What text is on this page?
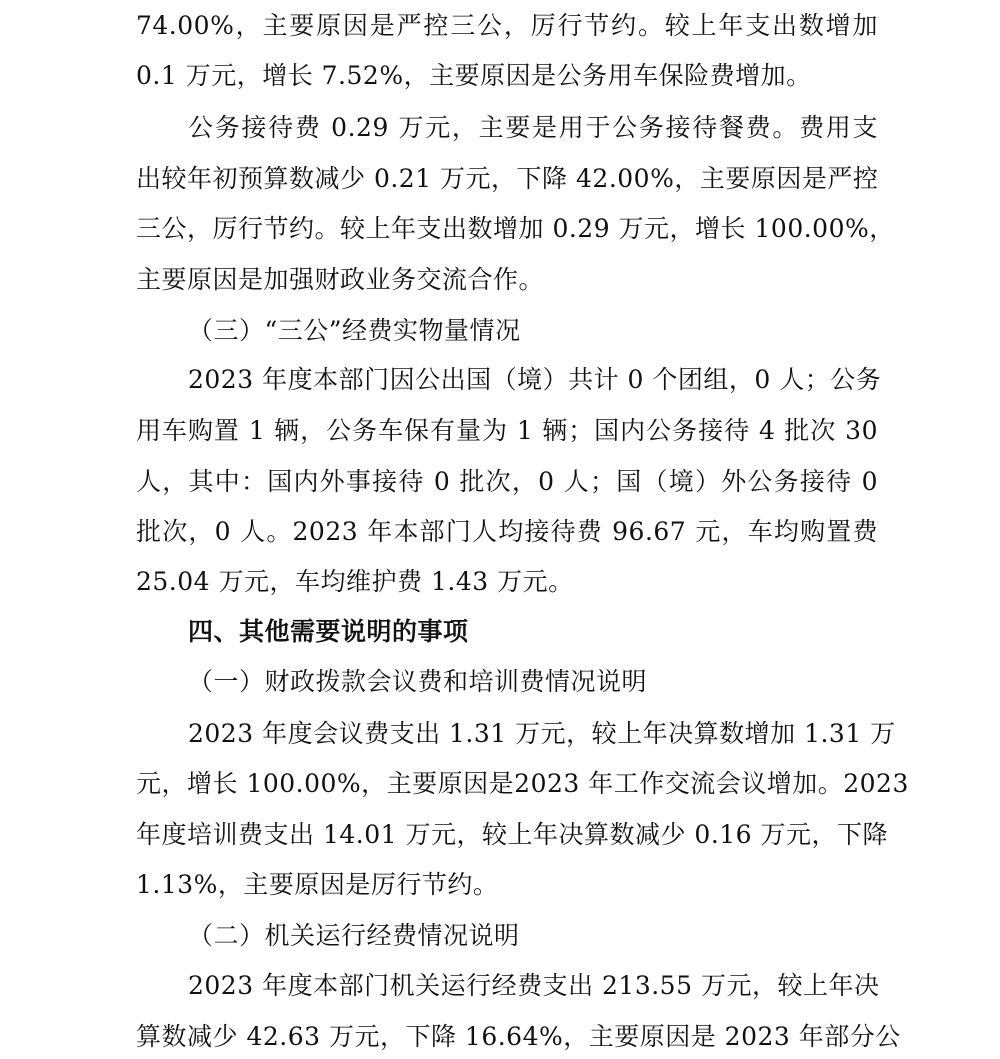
74.00%，主要原因是严控三公，厉行节约。较上年支出数增加
0.1 万元，增长 7.52%，主要原因是公务用车保险费增加。
公务接待费 0.29 万元，主要是用于公务接待餐费。费用支
出较年初预算数减少 0.21 万元，下降 42.00%，主要原因是严控
三公，厉行节约。较上年支出数增加 0.29 万元，增长 100.00%，
主要原因是加强财政业务交流合作。
（三）“三公”经费实物量情况
2023 年度本部门因公出国（境）共计 0 个团组，0 人；公务
用车购置 1 辆，公务车保有量为 1 辆；国内公务接待 4 批次 30
人，其中：国内外事接待 0 批次，0 人；国（境）外公务接待 0
批次，0 人。2023 年本部门人均接待费 96.67 元，车均购置费
25.04 万元，车均维护费 1.43 万元。
四、其他需要说明的事项
（一）财政拨款会议费和培训费情况说明
2023 年度会议费支出 1.31 万元，较上年决算数增加 1.31 万
元，增长 100.00%，主要原因是2023 年工作交流会议增加。2023
年度培训费支出 14.01 万元，较上年决算数减少 0.16 万元，下降
1.13%，主要原因是厉行节约。
（二）机关运行经费情况说明
2023 年度本部门机关运行经费支出 213.55 万元，较上年决
算数减少 42.63 万元，下降 16.64%，主要原因是 2023 年部分公
